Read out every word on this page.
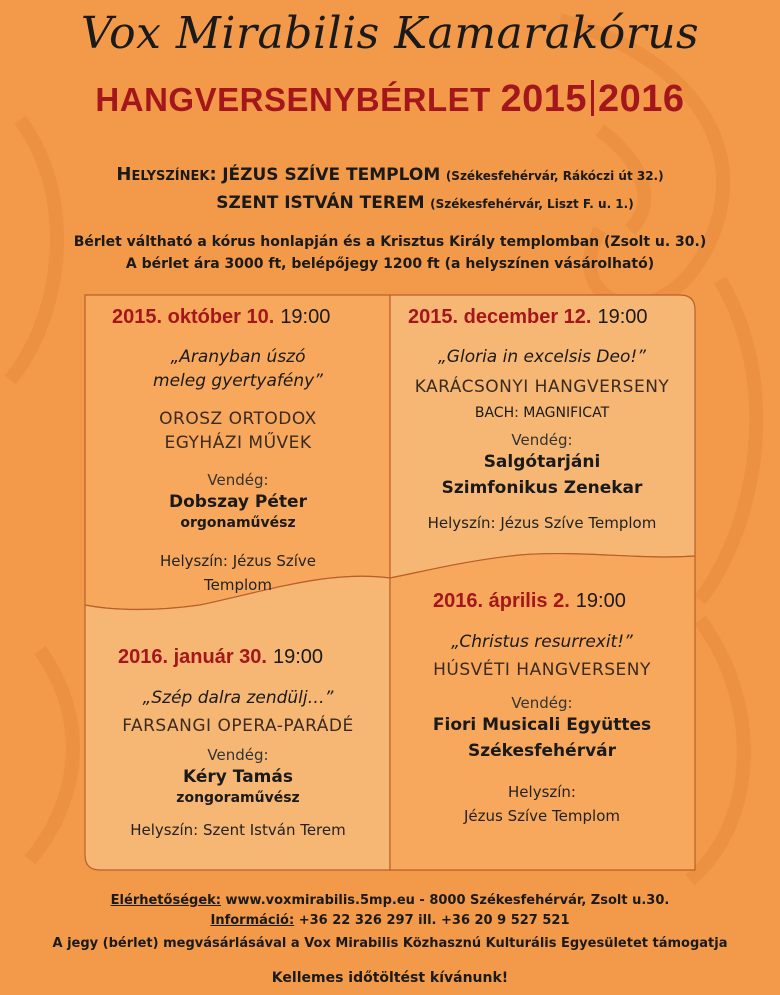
Vox Mirabilis Kamarakórus
HANGVERSENYBÉRLET 2015 2016
Helyszínek: JÉZUS SZÍVE TEMPLOM (Székesfehérvár, Rákóczi út 32.)
SZENT ISTVÁN TEREM (Székesfehérvár, Liszt F. u. 1.)
Bérlet váltható a kórus honlapján és a Krisztus Király templomban (Zsolt u. 30.)
A bérlet ára 3000 ft, belépőjegy 1200 ft (a helyszínen vásárolható)
2015. október 10. 19:00
„Aranyban úszó
meleg gyertyafény”
OROSZ ORTODOX
EGYHÁZI MŰVEK
Vendég:
Dobszay Péter
orgonaművész
Helyszín: Jézus Szíve
Templom
2015. december 12. 19:00
„Gloria in excelsis Deo!”
KARÁCSONYI HANGVERSENY
BACH: MAGNIFICAT
Vendég:
Salgótarjáni
Szimfonikus Zenekar
Helyszín: Jézus Szíve Templom
2016. január 30. 19:00
„Szép dalra zendülj…”
FARSANGI OPERA-PARÁDÉ
Vendég:
Kéry Tamás
zongoraművész
Helyszín: Szent István Terem
2016. április 2. 19:00
„Christus resurrexit!”
HÚSVÉTI HANGVERSENY
Vendég:
Fiori Musicali Együttes
Székesfehérvár
Helyszín:
Jézus Szíve Templom
Elérhetőségek: www.voxmirabilis.5mp.eu - 8000 Székesfehérvár, Zsolt u.30.
Információ: +36 22 326 297 ill. +36 20 9 527 521
A jegy (bérlet) megvásárlásával a Vox Mirabilis Közhasznú Kulturális Egyesületet támogatja
Kellemes időtöltést kívánunk!
